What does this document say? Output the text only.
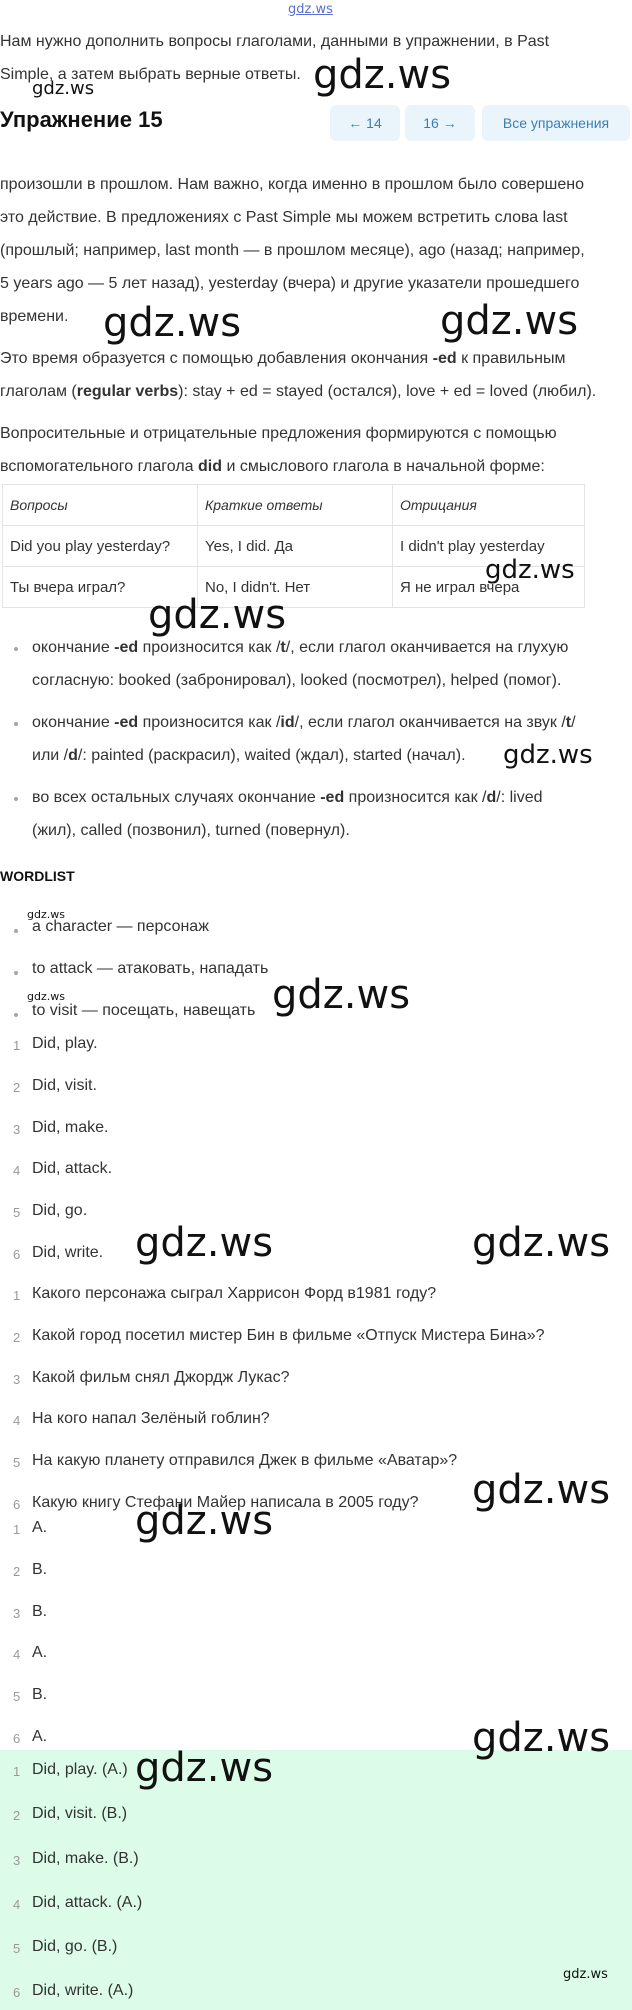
gdz.ws
Нам нужно дополнить вопросы глаголами, данными в упражнении, в Past
Simple, а затем выбрать верные ответы.
Упражнение 15	← 14	16 →	Все упражнения
произошли в прошлом. Нам важно, когда именно в прошлом было совершено
это действие. В предложениях с Past Simple мы можем встретить слова last
(прошлый; например, last month — в прошлом месяце), ago (назад; например,
5 years ago — 5 лет назад), yesterday (вчера) и другие указатели прошедшего
времени.
Это время образуется с помощью добавления окончания -ed к правильным
глаголам (regular verbs): stay + ed = stayed (остался), love + ed = loved (любил).
Вопросительные и отрицательные предложения формируются с помощью
вспомогательного глагола did и смыслового глагола в начальной форме:
Вопросы	Краткие ответы	Отрицания
Did you play yesterday?	Yes, I did. Да	I didn't play yesterday
Ты вчера играл?	No, I didn't. Нет	Я не играл вчера
окончание -ed произносится как /t/, если глагол оканчивается на глухую
согласную: booked (забронировал), looked (посмотрел), helped (помог).
окончание -ed произносится как /id/, если глагол оканчивается на звук /t/
или /d/: painted (раскрасил), waited (ждал), started (начал).
во всех остальных случаях окончание -ed произносится как /d/: lived
(жил), called (позвонил), turned (повернул).
WORDLIST
a character — персонаж
to attack — атаковать, нападать
to visit — посещать, навещать
1 Did, play.
2 Did, visit.
3 Did, make.
4 Did, attack.
5 Did, go.
6 Did, write.
1 Какого персонажа сыграл Харрисон Форд в1981 году?
2 Какой город посетил мистер Бин в фильме «Отпуск Мистера Бина»?
3 Какой фильм снял Джордж Лукас?
4 На кого напал Зелёный гоблин?
5 На какую планету отправился Джек в фильме «Аватар»?
6 Какую книгу Стефани Майер написала в 2005 году?
1 A.
2 B.
3 B.
4 A.
5 B.
6 A.
1 Did, play. (A.)
2 Did, visit. (B.)
3 Did, make. (B.)
4 Did, attack. (A.)
5 Did, go. (B.)
6 Did, write. (A.)
gdz.ws	gdz.ws
gdz.ws	gdz.ws
gdz.ws
gdz.ws
gdz.ws
gdz.ws
gdz.ws	gdz.ws
gdz.ws	gdz.ws
gdz.ws
gdz.ws
gdz.ws
gdz.ws
gdz.ws
